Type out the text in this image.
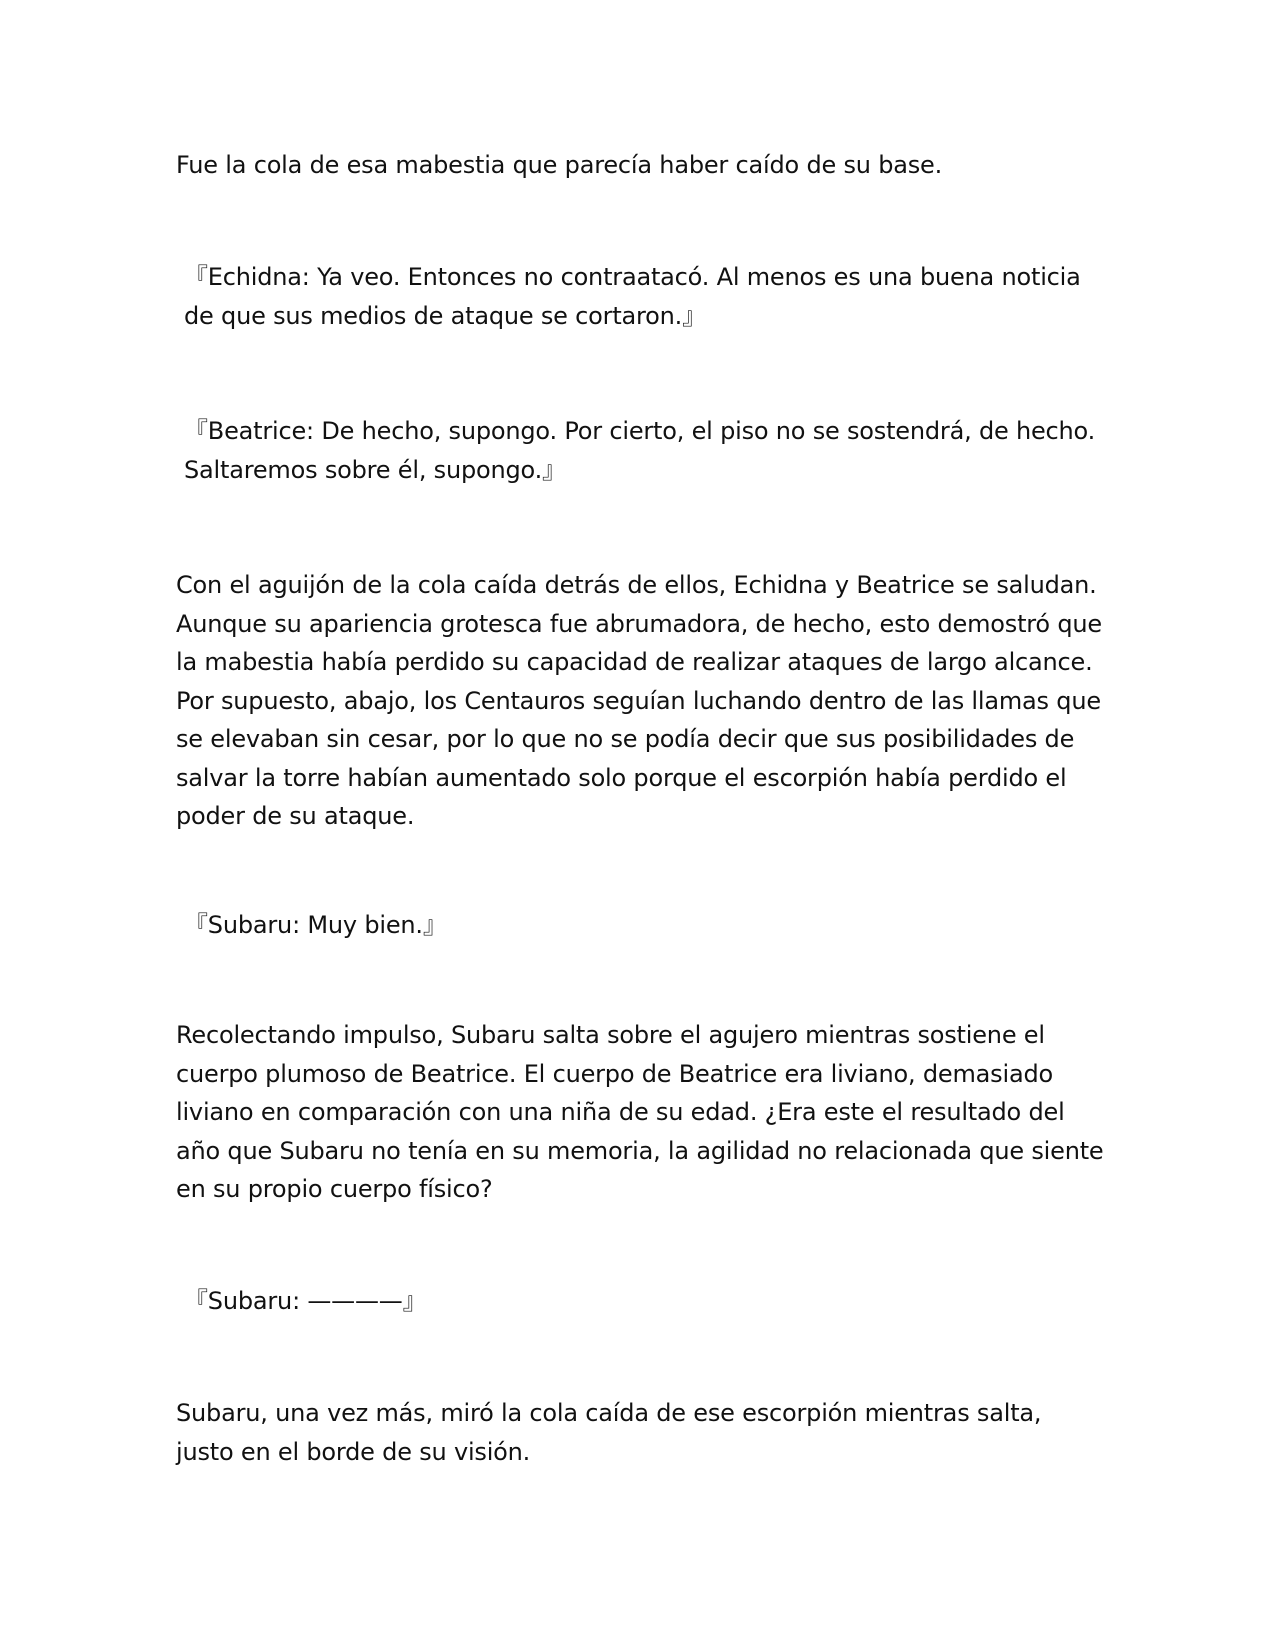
Fue la cola de esa mabestia que parecía haber caído de su base.

『Echidna: Ya veo. Entonces no contraatacó. Al menos es una buena noticia de que sus medios de ataque se cortaron.』

『Beatrice: De hecho, supongo. Por cierto, el piso no se sostendrá, de hecho. Saltaremos sobre él, supongo.』

Con el aguijón de la cola caída detrás de ellos, Echidna y Beatrice se saludan. Aunque su apariencia grotesca fue abrumadora, de hecho, esto demostró que la mabestia había perdido su capacidad de realizar ataques de largo alcance. Por supuesto, abajo, los Centauros seguían luchando dentro de las llamas que se elevaban sin cesar, por lo que no se podía decir que sus posibilidades de salvar la torre habían aumentado solo porque el escorpión había perdido el poder de su ataque.

『Subaru: Muy bien.』

Recolectando impulso, Subaru salta sobre el agujero mientras sostiene el cuerpo plumoso de Beatrice. El cuerpo de Beatrice era liviano, demasiado liviano en comparación con una niña de su edad. ¿Era este el resultado del año que Subaru no tenía en su memoria, la agilidad no relacionada que siente en su propio cuerpo físico?

『Subaru: ————』

Subaru, una vez más, miró la cola caída de ese escorpión mientras salta, justo en el borde de su visión.
